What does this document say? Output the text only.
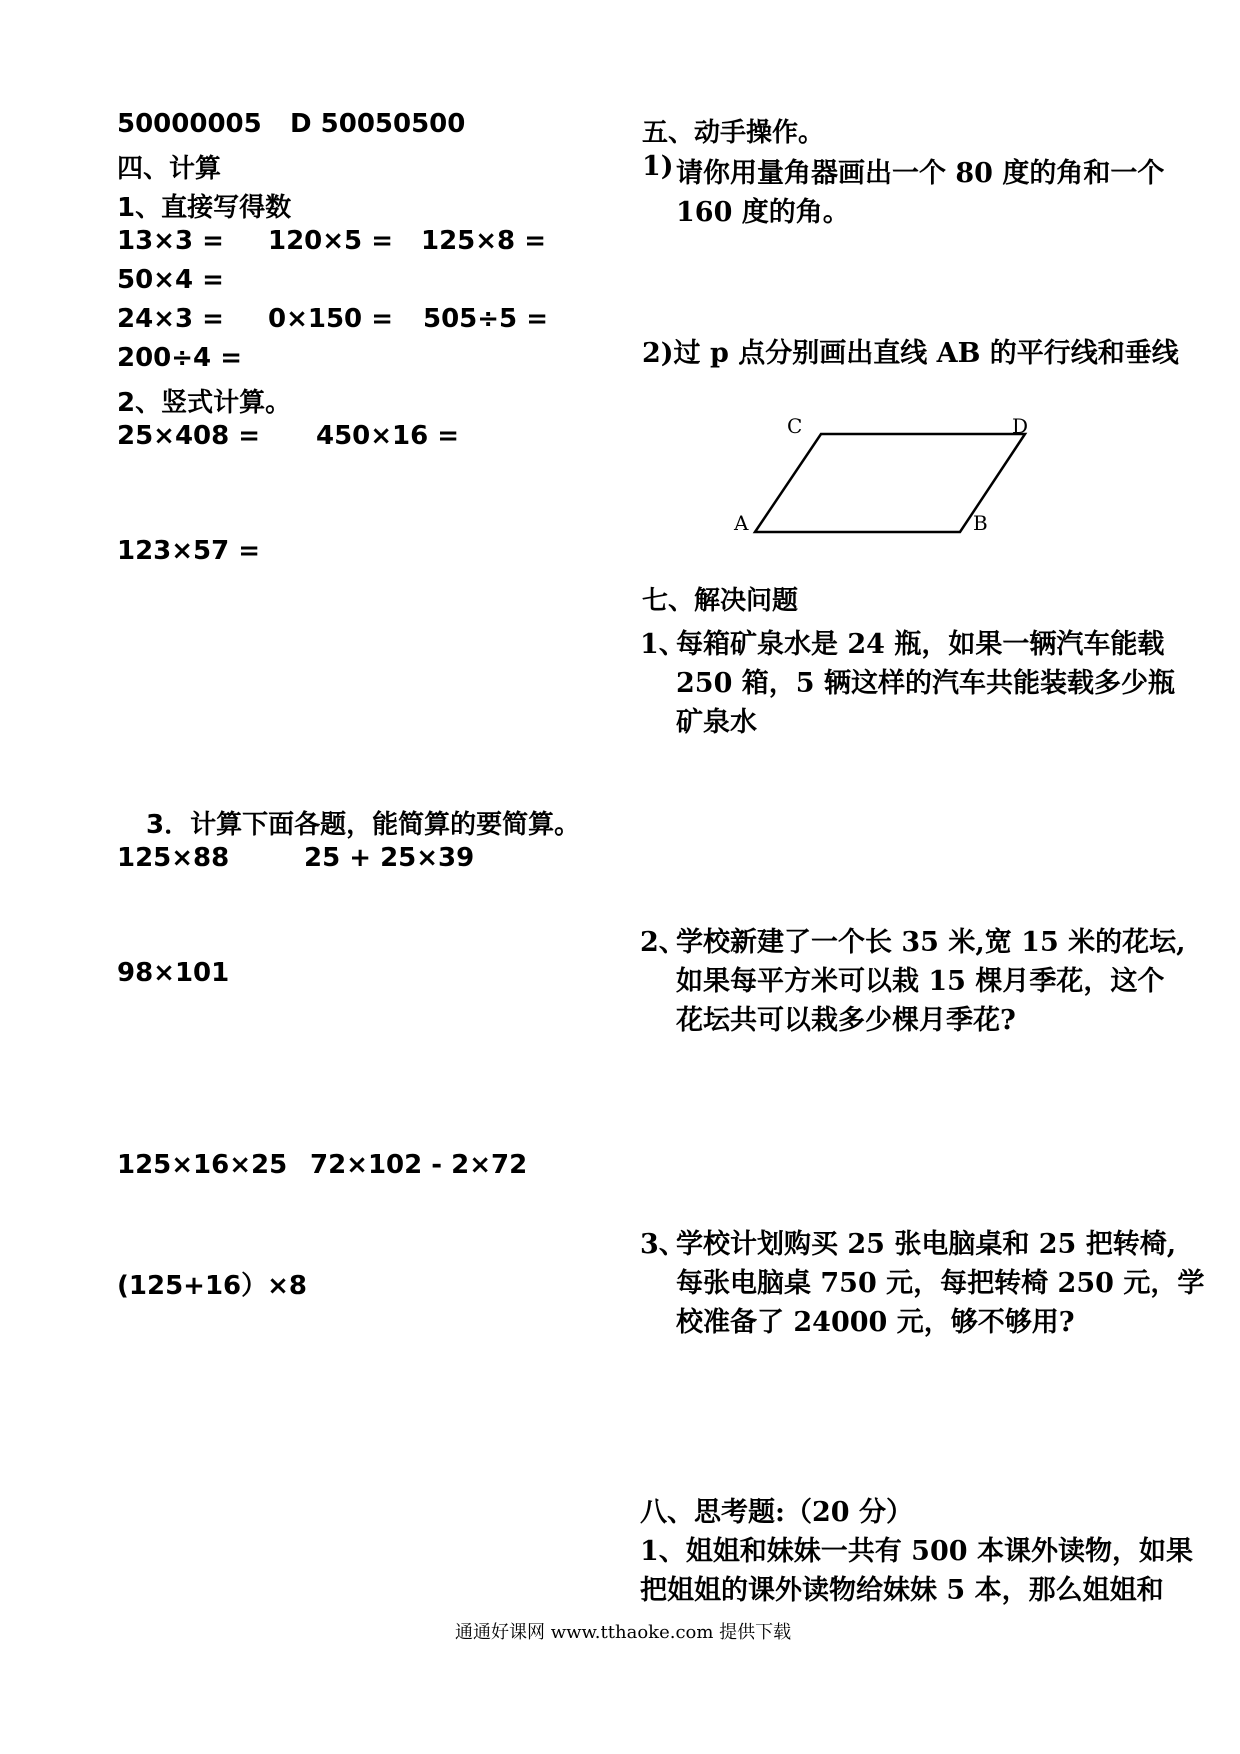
50000005 D 50050500
四、计算
1、直接写得数
13×3 = 120×5 = 125×8 =
50×4 =
24×3 = 0×150 = 505÷5 =
200÷4 =
2、竖式计算。
25×408 = 450×16 =
123×57 =
3．计算下面各题，能简算的要简算。
125×88	25 + 25×39
98×101
125×16×25 72×102 - 2×72
(125+16）×8
五、动手操作。
1) 请你用量角器画出一个 80 度的角和一个
160 度的角。
2)过 p 点分别画出直线 AB 的平行线和垂线
A	B
C	D
七、解决问题
1、
每箱矿泉水是 24 瓶，如果一辆汽车能载
250 箱，5 辆这样的汽车共能装载多少瓶
矿泉水
2、
学校新建了一个长 35 米,宽 15 米的花坛,
如果每平方米可以栽 15 棵月季花，这个
花坛共可以栽多少棵月季花?
3、
学校计划购买 25 张电脑桌和 25 把转椅,
每张电脑桌 750 元，每把转椅 250 元，学
校准备了 24000 元，够不够用?
八、思考题:（20 分）
1、姐姐和妹妹一共有 500 本课外读物，如果
把姐姐的课外读物给妹妹 5 本，那么姐姐和
通通好课网 www.tthaoke.com 提供下载
